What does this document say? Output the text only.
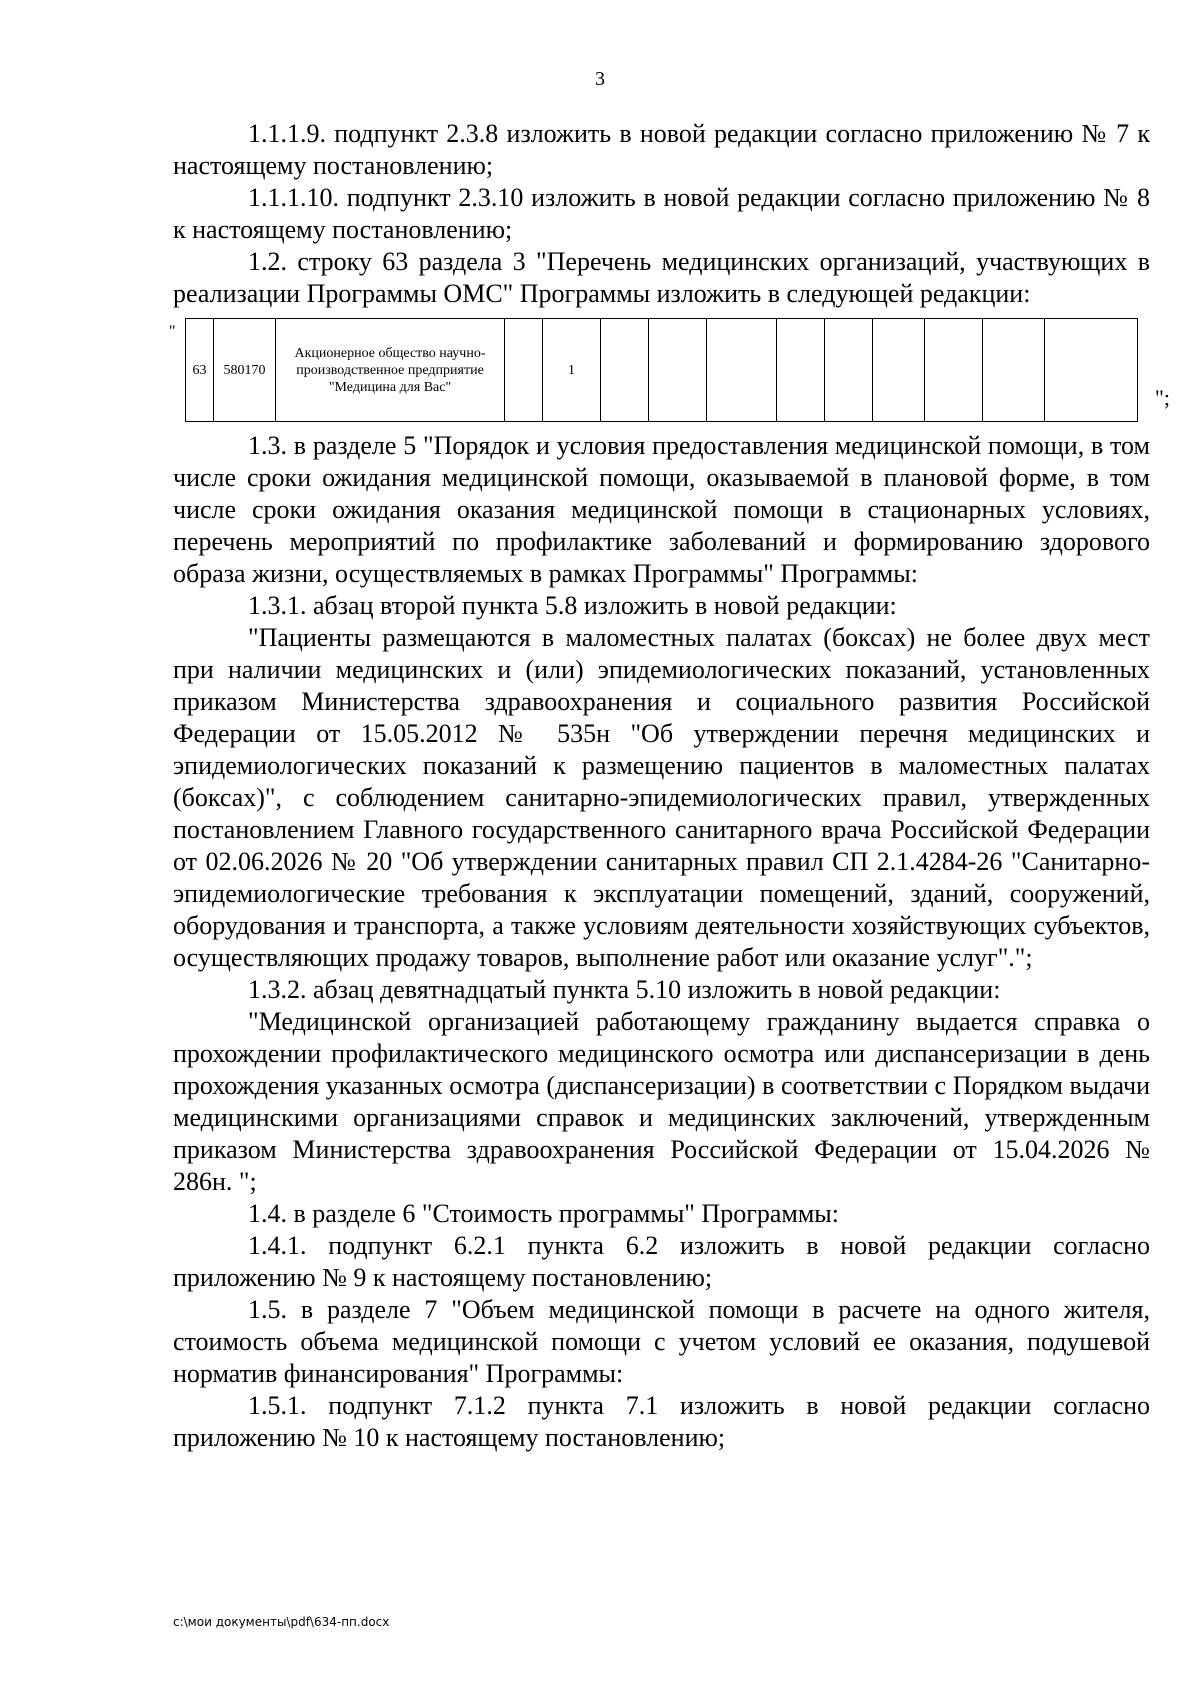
3

1.1.1.9. подпункт 2.3.8 изложить в новой редакции согласно приложению № 7 к настоящему постановлению;

1.1.1.10. подпункт 2.3.10 изложить в новой редакции согласно приложению № 8 к настоящему постановлению;

1.2. строку 63 раздела 3 "Перечень медицинских организаций, участвующих в реализации Программы ОМС" Программы изложить в следующей редакции:

"
63	580170	Акционерное общество научно-производственное предприятие "Медицина для Вас"		1									
";

1.3. в разделе 5 "Порядок и условия предоставления медицинской помощи, в том числе сроки ожидания медицинской помощи, оказываемой в плановой форме, в том числе сроки ожидания оказания медицинской помощи в стационарных условиях, перечень мероприятий по профилактике заболеваний и формированию здорового образа жизни, осуществляемых в рамках Программы" Программы:

1.3.1. абзац второй пункта 5.8 изложить в новой редакции:

"Пациенты размещаются в маломестных палатах (боксах) не более двух мест при наличии медицинских и (или) эпидемиологических показаний, установленных приказом Министерства здравоохранения и социального развития Российской Федерации от 15.05.2012 № 535н "Об утверждении перечня медицинских и эпидемиологических показаний к размещению пациентов в маломестных палатах (боксах)", с соблюдением санитарно-эпидемиологических правил, утвержденных постановлением Главного государственного санитарного врача Российской Федерации от 02.06.2026 № 20 "Об утверждении санитарных правил СП 2.1.4284-26 "Санитарно-эпидемиологические требования к эксплуатации помещений, зданий, сооружений, оборудования и транспорта, а также условиям деятельности хозяйствующих субъектов, осуществляющих продажу товаров, выполнение работ или оказание услуг".";

1.3.2. абзац девятнадцатый пункта 5.10 изложить в новой редакции:

"Медицинской организацией работающему гражданину выдается справка о прохождении профилактического медицинского осмотра или диспансеризации в день прохождения указанных осмотра (диспансеризации) в соответствии с Порядком выдачи медицинскими организациями справок и медицинских заключений, утвержденным приказом Министерства здравоохранения Российской Федерации от 15.04.2026 № 286н. ";

1.4. в разделе 6 "Стоимость программы" Программы:

1.4.1. подпункт 6.2.1 пункта 6.2 изложить в новой редакции согласно приложению № 9 к настоящему постановлению;

1.5. в разделе 7 "Объем медицинской помощи в расчете на одного жителя, стоимость объема медицинской помощи с учетом условий ее оказания, подушевой норматив финансирования" Программы:

1.5.1. подпункт 7.1.2 пункта 7.1 изложить в новой редакции согласно приложению № 10 к настоящему постановлению;

c:\мои документы\pdf\634-пп.docx
